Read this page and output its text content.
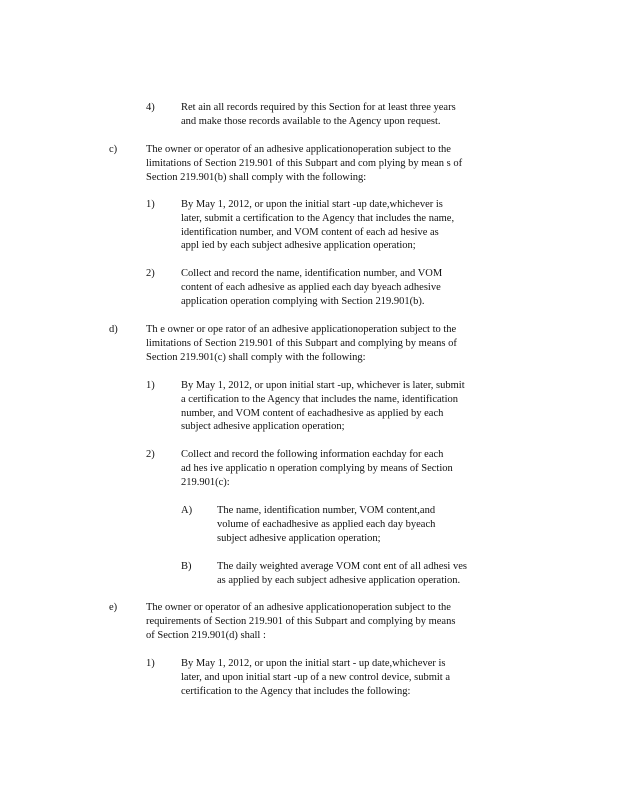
4)	Ret ain all records required by this Section for at least three years
and make those records available to the Agency upon request.
c)	The owner or operator of an adhesive applicationoperation subject to the
limitations of Section 219.901 of this Subpart and com plying by mean s of
Section 219.901(b) shall comply with the following:
1)	By May 1, 2012, or upon the initial start -up date,whichever is
later, submit a certification to the Agency that includes the name,
identification number, and VOM content of each ad hesive as
appl ied by each subject adhesive application operation;
2)	Collect and record the name, identification number, and VOM
content of each adhesive as applied each day byeach adhesive
application operation complying with Section 219.901(b).
d)	Th e owner or ope rator of an adhesive applicationoperation subject to the
limitations of Section 219.901 of this Subpart and complying by means of
Section 219.901(c) shall comply with the following:
1)	By May 1, 2012, or upon initial start -up, whichever is later, submit
a certification to the Agency that includes the name, identification
number, and VOM content of eachadhesive as applied by each
subject adhesive application operation;
2)	Collect and record the following information eachday for each
ad hes ive applicatio n operation complying by means of Section
219.901(c):
A) The name, identification number, VOM content,and
volume of eachadhesive as applied each day byeach
subject adhesive application operation;
B) The daily weighted average VOM cont ent of all adhesi ves
as applied by each subject adhesive application operation.
e)	The owner or operator of an adhesive applicationoperation subject to the
requirements of Section 219.901 of this Subpart and complying by means
of Section 219.901(d) shall :
1)	By May 1, 2012, or upon the initial start - up date,whichever is
later, and upon initial start -up of a new control device, submit a
certification to the Agency that includes the following:
